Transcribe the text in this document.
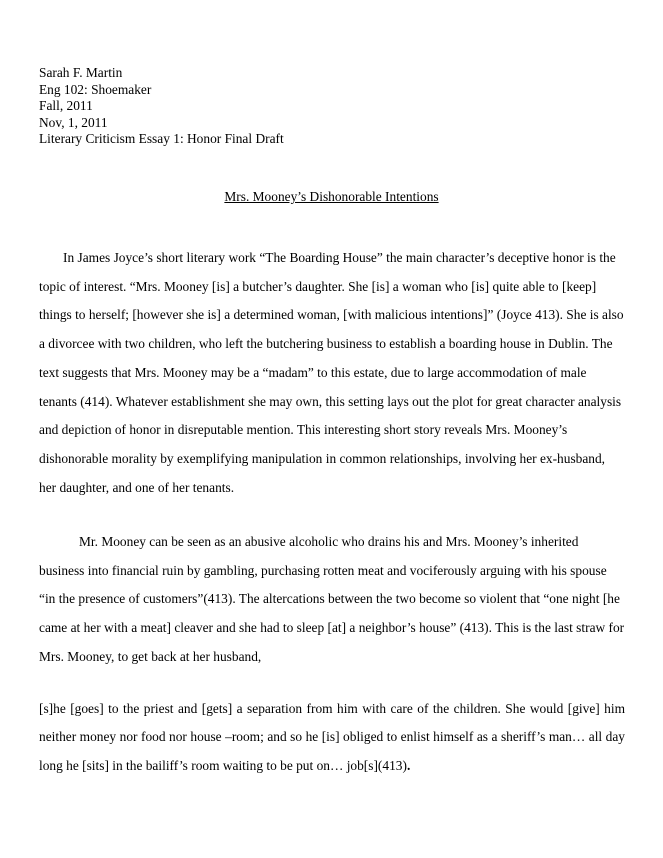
Sarah F. Martin
Eng 102: Shoemaker
Fall, 2011
Nov, 1, 2011
Literary Criticism Essay 1: Honor Final Draft
Mrs. Mooney’s Dishonorable Intentions

In James Joyce’s short literary work “The Boarding House” the main character’s deceptive honor is the topic of interest. “Mrs. Mooney [is] a butcher’s daughter. She [is] a woman who [is] quite able to [keep] things to herself; [however she is] a determined woman, [with malicious intentions]” (Joyce 413). She is also a divorcee with two children, who left the butchering business to establish a boarding house in Dublin. The text suggests that Mrs. Mooney may be a “madam” to this estate, due to large accommodation of male tenants (414). Whatever establishment she may own, this setting lays out the plot for great character analysis and depiction of honor in disreputable mention. This interesting short story reveals Mrs. Mooney’s dishonorable morality by exemplifying manipulation in common relationships, involving her ex-husband, her daughter, and one of her tenants.

Mr. Mooney can be seen as an abusive alcoholic who drains his and Mrs. Mooney’s inherited business into financial ruin by gambling, purchasing rotten meat and vociferously arguing with his spouse “in the presence of customers”(413). The altercations between the two become so violent that “one night [he came at her with a meat] cleaver and she had to sleep [at] a neighbor’s house” (413). This is the last straw for Mrs. Mooney, to get back at her husband,

[s]he [goes] to the priest and [gets] a separation from him with care of the children. She would [give] him neither money nor food nor house –room; and so he [is] obliged to enlist himself as a sheriff’s man… all day long he [sits] in the bailiff’s room waiting to be put on… job[s](413).
